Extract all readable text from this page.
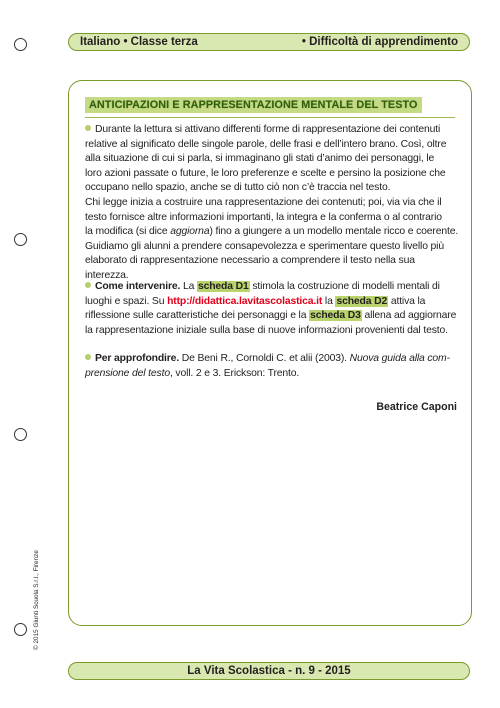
Italiano • Classe terza	• Difficoltà di apprendimento
ANTICIPAZIONI E RAPPRESENTAZIONE MENTALE DEL TESTO
Durante la lettura si attivano differenti forme di rappresentazione dei contenuti
relative al significato delle singole parole, delle frasi e dell’intero brano. Così, oltre
alla situazione di cui si parla, si immaginano gli stati d’animo dei personaggi, le
loro azioni passate o future, le loro preferenze e scelte e persino la posizione che
occupano nello spazio, anche se di tutto ciò non c’è traccia nel testo.
Chi legge inizia a costruire una rappresentazione dei contenuti; poi, via via che il
testo fornisce altre informazioni importanti, la integra e la conferma o al contrario
la modifica (si dice aggiorna) fino a giungere a un modello mentale ricco e coerente.
Guidiamo gli alunni a prendere consapevolezza e sperimentare questo livello più
elaborato di rappresentazione necessario a comprendere il testo nella sua interezza.
Come intervenire. La scheda D1 stimola la costruzione di modelli mentali di
luoghi e spazi. Su http://didattica.lavitascolastica.it la scheda D2 attiva la
riflessione sulle caratteristiche dei personaggi e la scheda D3 allena ad aggiornare
la rappresentazione iniziale sulla base di nuove informazioni provenienti dal testo.
Per approfondire. De Beni R., Cornoldi C. et alii (2003). Nuova guida alla com-
prensione del testo, voll. 2 e 3. Erickson: Trento.
Beatrice Caponi
© 2015 Giunti Scuola S.r.l., Firenze
La Vita Scolastica - n. 9 - 2015
